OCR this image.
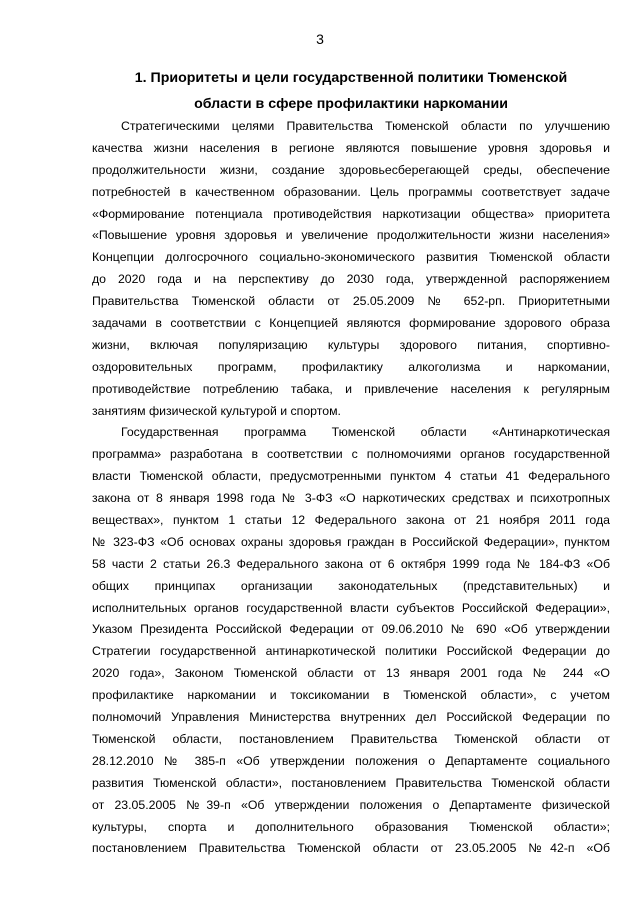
3
1. Приоритеты и цели государственной политики Тюменской
области в сфере профилактики наркомании
Стратегическими целями Правительства Тюменской области по улучшению
качества жизни населения в регионе являются повышение уровня здоровья и
продолжительности жизни, создание здоровьесберегающей среды, обеспечение
потребностей в качественном образовании. Цель программы соответствует задаче
«Формирование потенциала противодействия наркотизации общества» приоритета
«Повышение уровня здоровья и увеличение продолжительности жизни населения»
Концепции долгосрочного социально-экономического развития Тюменской области
до 2020 года и на перспективу до 2030 года, утвержденной распоряжением
Правительства Тюменской области от 25.05.2009 № 652-рп. Приоритетными
задачами в соответствии с Концепцией являются формирование здорового образа
жизни, включая популяризацию культуры здорового питания, спортивно-
оздоровительных программ, профилактику алкоголизма и наркомании,
противодействие потреблению табака, и привлечение населения к регулярным
занятиям физической культурой и спортом.
Государственная программа Тюменской области «Антинаркотическая
программа» разработана в соответствии с полномочиями органов государственной
власти Тюменской области, предусмотренными пунктом 4 статьи 41 Федерального
закона от 8 января 1998 года № 3-ФЗ «О наркотических средствах и психотропных
веществах», пунктом 1 статьи 12 Федерального закона от 21 ноября 2011 года
№ 323-ФЗ «Об основах охраны здоровья граждан в Российской Федерации», пунктом
58 части 2 статьи 26.3 Федерального закона от 6 октября 1999 года № 184-ФЗ «Об
общих принципах организации законодательных (представительных) и
исполнительных органов государственной власти субъектов Российской Федерации»,
Указом Президента Российской Федерации от 09.06.2010 № 690 «Об утверждении
Стратегии государственной антинаркотической политики Российской Федерации до
2020 года», Законом Тюменской области от 13 января 2001 года № 244 «О
профилактике наркомании и токсикомании в Тюменской области», с учетом
полномочий Управления Министерства внутренних дел Российской Федерации по
Тюменской области, постановлением Правительства Тюменской области от
28.12.2010 № 385-п «Об утверждении положения о Департаменте социального
развития Тюменской области», постановлением Правительства Тюменской области
от 23.05.2005 №39-п «Об утверждении положения о Департаменте физической
культуры, спорта и дополнительного образования Тюменской области»;
постановлением Правительства Тюменской области от 23.05.2005 №42-п «Об
